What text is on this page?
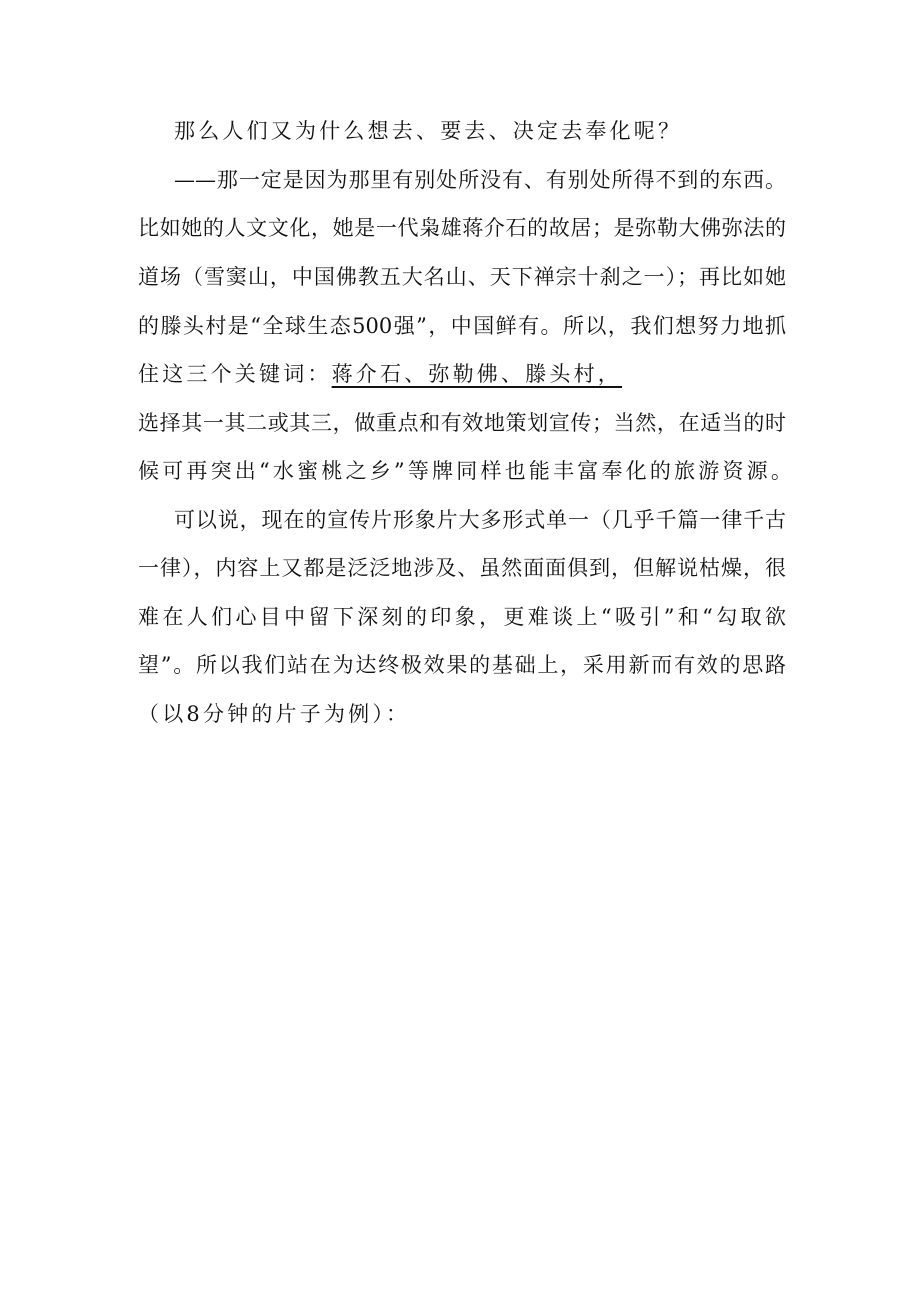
那么人们又为什么想去、要去、决定去奉化呢？
——那一定是因为那里有别处所没有、有别处所得不到的东西。
比如她的人文文化，她是一代枭雄蒋介石的故居；是弥勒大佛弥法的
道场（雪窦山，中国佛教五大名山、天下禅宗十刹之一）；再比如她
的滕头村是“全球生态500强”，中国鲜有。所以，我们想努力地抓
住这三个关键词：蒋介石、弥勒佛、滕头村，
选择其一其二或其三，做重点和有效地策划宣传；当然，在适当的时
候可再突出“水蜜桃之乡”等牌同样也能丰富奉化的旅游资源。
可以说，现在的宣传片形象片大多形式单一（几乎千篇一律千古
一律），内容上又都是泛泛地涉及、虽然面面俱到，但解说枯燥，很
难在人们心目中留下深刻的印象，更难谈上“吸引”和“勾取欲
望”。所以我们站在为达终极效果的基础上，采用新而有效的思路
（以8分钟的片子为例）：
